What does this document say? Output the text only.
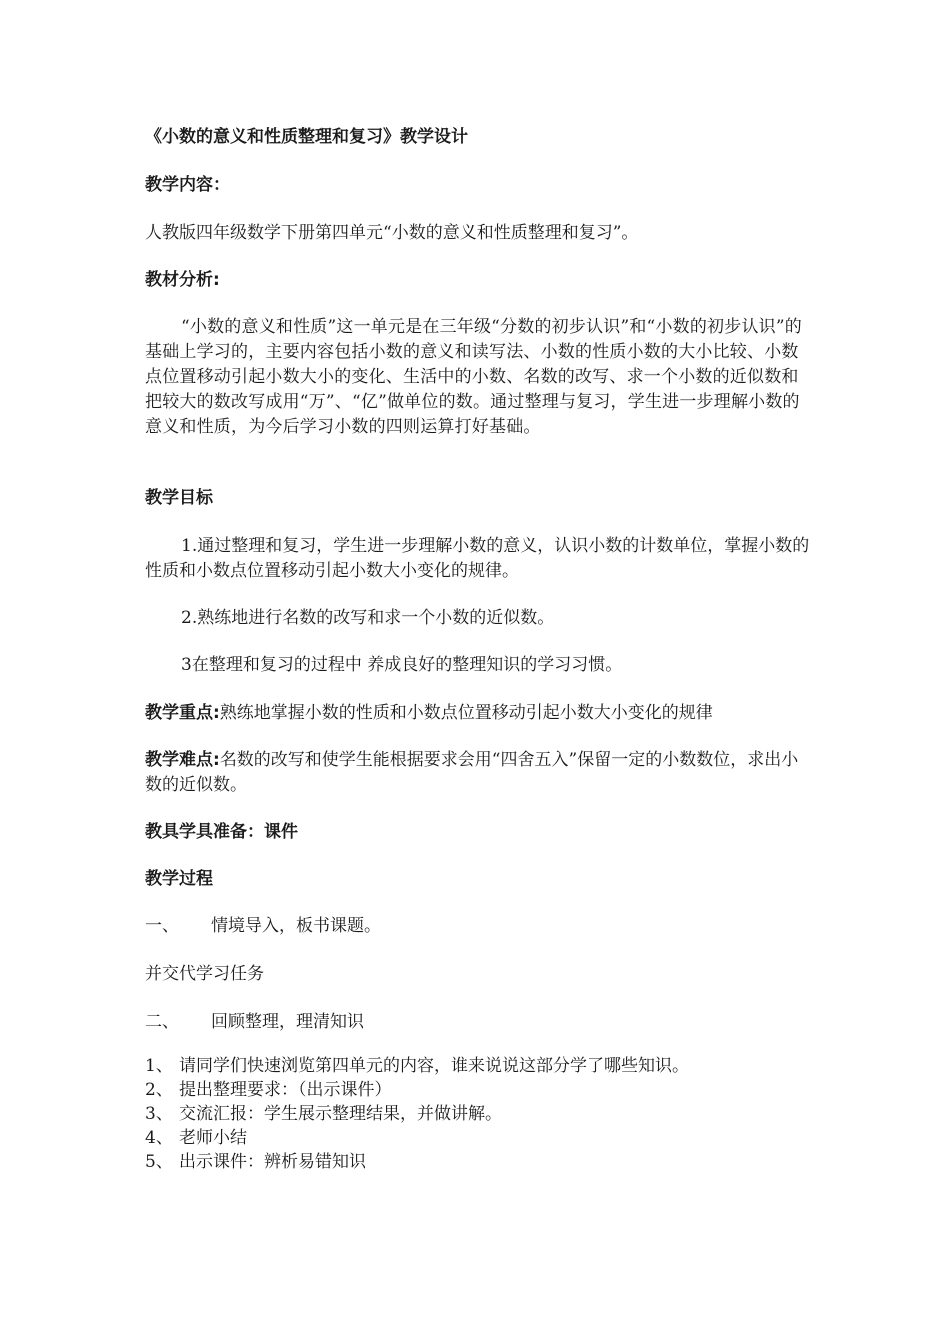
《小数的意义和性质整理和复习》教学设计

教学内容：

人教版四年级数学下册第四单元“小数的意义和性质整理和复习”。

教材分析:

“小数的意义和性质”这一单元是在三年级“分数的初步认识”和“小数的初步认识”的基础上学习的，主要内容包括小数的意义和读写法、小数的性质小数的大小比较、小数点位置移动引起小数大小的变化、生活中的小数、名数的改写、求一个小数的近似数和把较大的数改写成用“万”、“亿”做单位的数。通过整理与复习，学生进一步理解小数的意义和性质，为今后学习小数的四则运算打好基础。

教学目标

1.通过整理和复习，学生进一步理解小数的意义，认识小数的计数单位，掌握小数的性质和小数点位置移动引起小数大小变化的规律。

2.熟练地进行名数的改写和求一个小数的近似数。

3在整理和复习的过程中 养成良好的整理知识的学习习惯。

教学重点:熟练地掌握小数的性质和小数点位置移动引起小数大小变化的规律

教学难点:名数的改写和使学生能根据要求会用“四舍五入”保留一定的小数数位，求出小数的近似数。

教具学具准备：课件

教学过程

一、 情境导入，板书课题。

并交代学习任务

二、 回顾整理，理清知识

1、 请同学们快速浏览第四单元的内容，谁来说说这部分学了哪些知识。
2、 提出整理要求：（出示课件）
3、 交流汇报：学生展示整理结果，并做讲解。
4、 老师小结
5、 出示课件：辨析易错知识
